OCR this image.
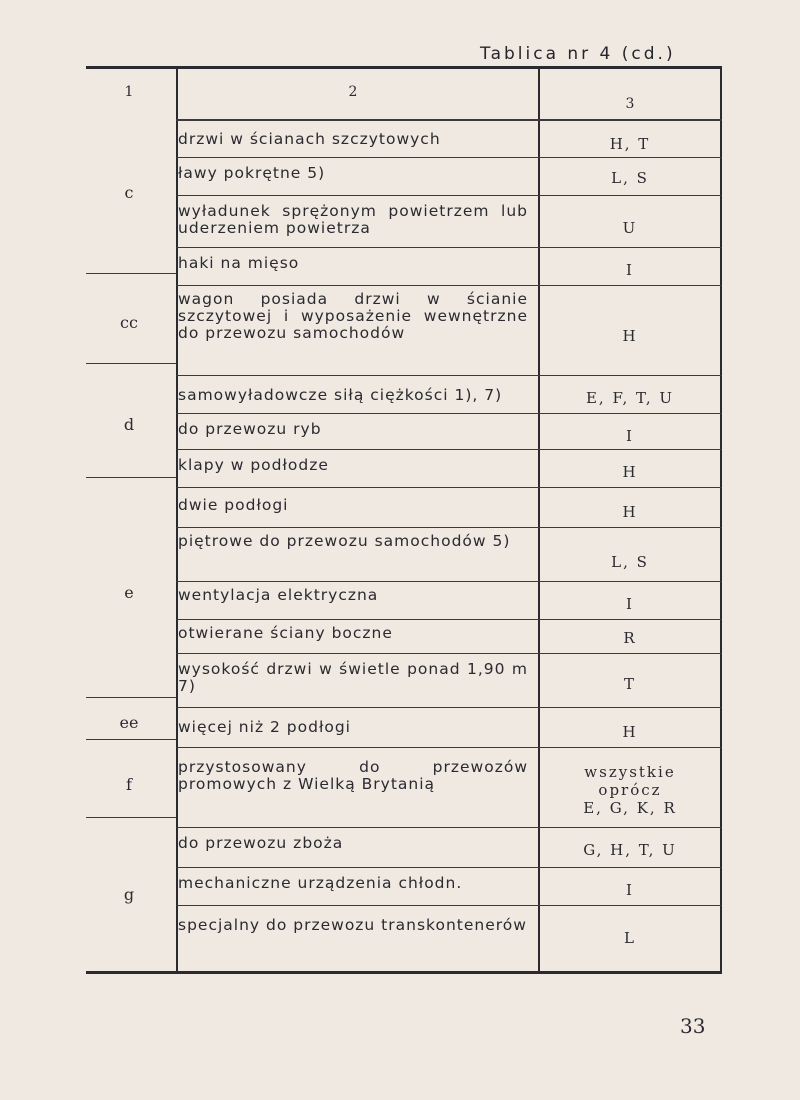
Tablica nr 4 (cd.)
1	2
3
c
cc
d
e
ee
f
g
drzwi w ścianach szczytowych
ławy pokrętne 5)
wyładunek sprężonym powietrzem lub uderzeniem powietrza
haki na mięso
wagon posiada drzwi w ścianie szczytowej i wyposażenie wewnętrzne do przewozu samochodów
samowyładowcze siłą ciężkości 1), 7)
do przewozu ryb
klapy w podłodze
dwie podłogi
piętrowe do przewozu samochodów 5)
wentylacja elektryczna
otwierane ściany boczne
wysokość drzwi w świetle ponad 1,90 m 7)
więcej niż 2 podłogi
przystosowany do przewozów promowych z Wielką Brytanią
do przewozu zboża
mechaniczne urządzenia chłodn.
specjalny do przewozu transkontenerów
H, T
L, S
U
I
H
E, F, T, U
I
H
H
L, S
I
R
T
H
wszystkie
oprócz
E, G, K, R
G, H, T, U
I
L
33
